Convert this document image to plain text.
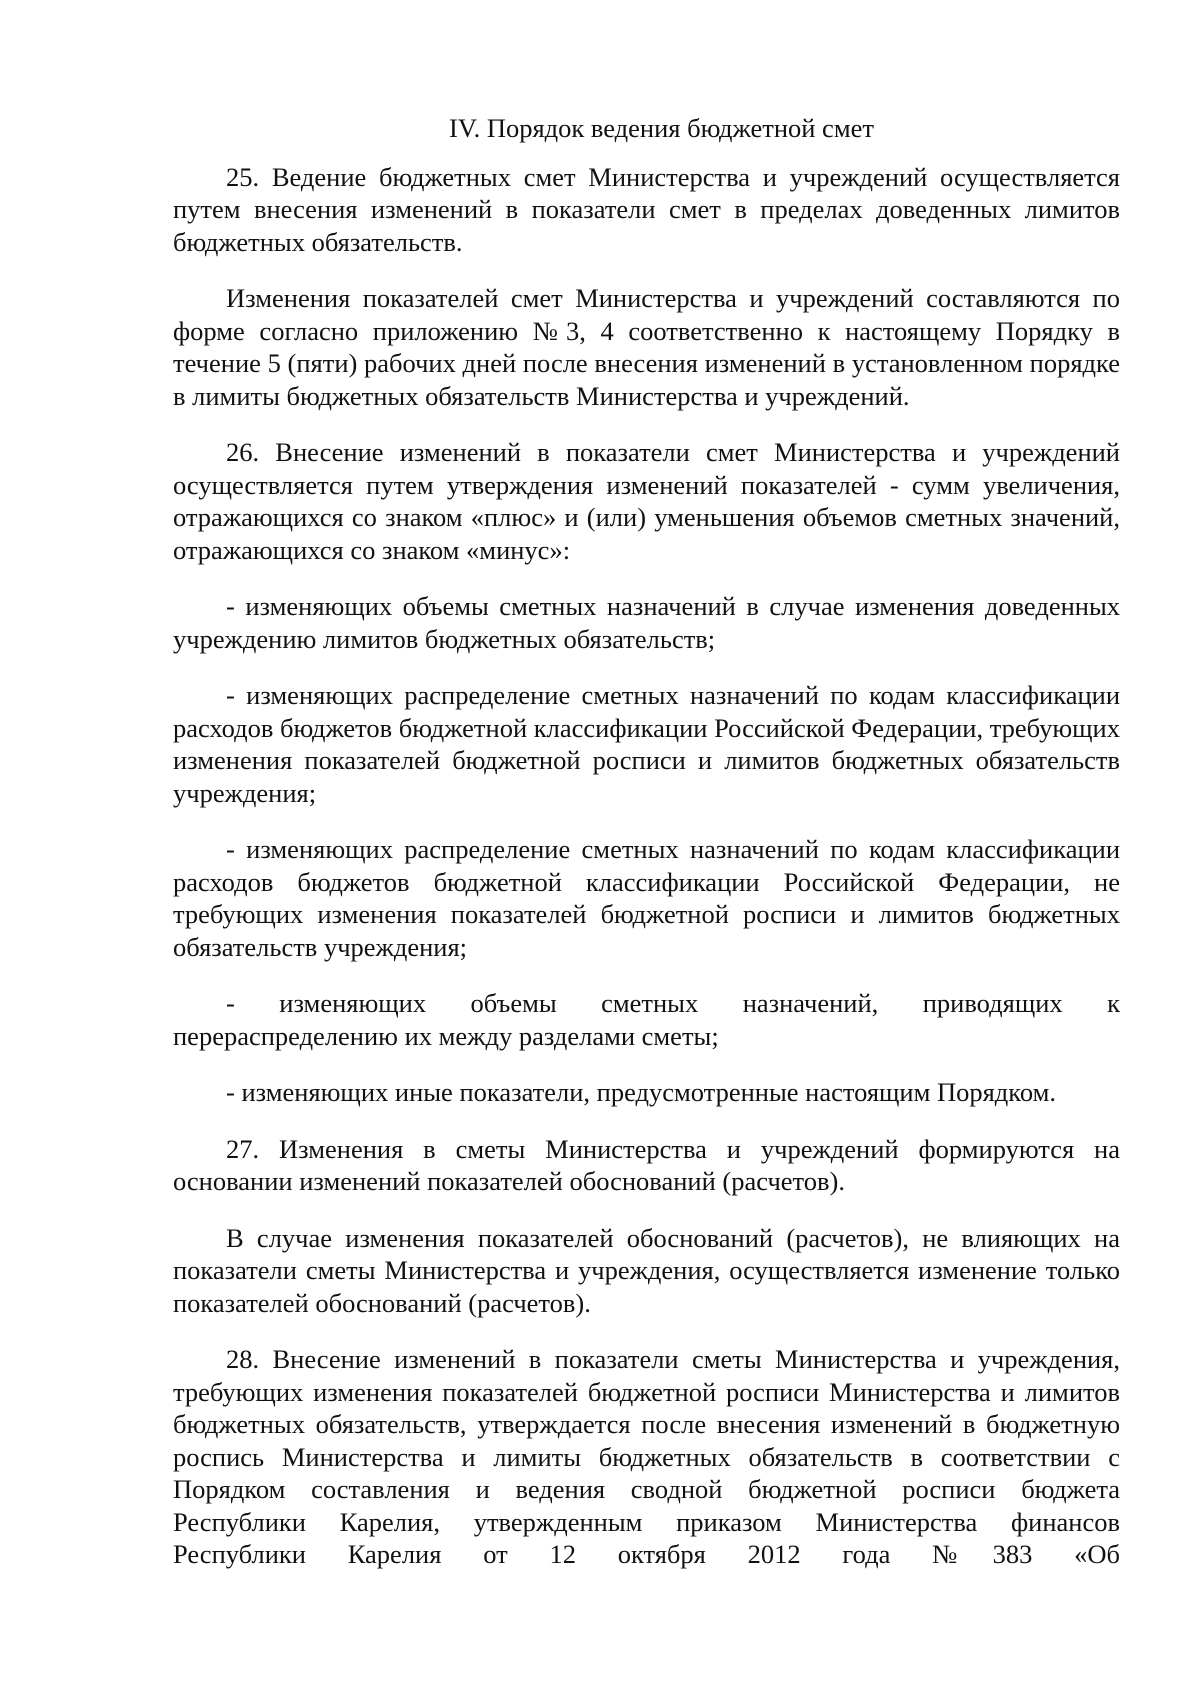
IV. Порядок ведения бюджетной смет

25. Ведение бюджетных смет Министерства и учреждений осуществляется путем внесения изменений в показатели смет в пределах доведенных лимитов бюджетных обязательств.

Изменения показателей смет Министерства и учреждений составляются по форме согласно приложению №3, 4 соответственно к настоящему Порядку в течение 5 (пяти) рабочих дней после внесения изменений в установленном порядке в лимиты бюджетных обязательств Министерства и учреждений.

26. Внесение изменений в показатели смет Министерства и учреждений осуществляется путем утверждения изменений показателей - сумм увеличения, отражающихся со знаком «плюс» и (или) уменьшения объемов сметных значений, отражающихся со знаком «минус»:

- изменяющих объемы сметных назначений в случае изменения доведенных учреждению лимитов бюджетных обязательств;

- изменяющих распределение сметных назначений по кодам классификации расходов бюджетов бюджетной классификации Российской Федерации, требующих изменения показателей бюджетной росписи и лимитов бюджетных обязательств учреждения;

- изменяющих распределение сметных назначений по кодам классификации расходов бюджетов бюджетной классификации Российской Федерации, не требующих изменения показателей бюджетной росписи и лимитов бюджетных обязательств учреждения;

- изменяющих объемы сметных назначений, приводящих к перераспределению их между разделами сметы;

- изменяющих иные показатели, предусмотренные настоящим Порядком.

27. Изменения в сметы Министерства и учреждений формируются на основании изменений показателей обоснований (расчетов).

В случае изменения показателей обоснований (расчетов), не влияющих на показатели сметы Министерства и учреждения, осуществляется изменение только показателей обоснований (расчетов).

28. Внесение изменений в показатели сметы Министерства и учреждения, требующих изменения показателей бюджетной росписи Министерства и лимитов бюджетных обязательств, утверждается после внесения изменений в бюджетную роспись Министерства и лимиты бюджетных обязательств в соответствии с Порядком составления и ведения сводной бюджетной росписи бюджета Республики Карелия, утвержденным приказом Министерства финансов Республики Карелия от 12 октября 2012 года №383 «Об
